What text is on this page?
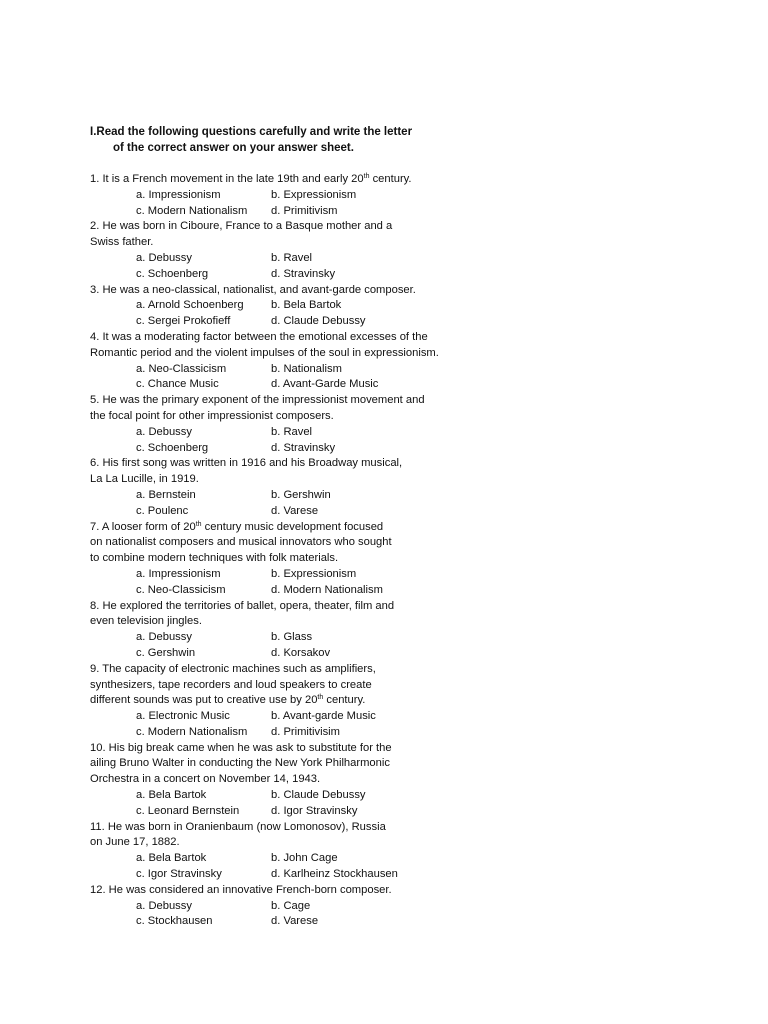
I.Read the following questions carefully and write the letter
of the correct answer on your answer sheet.
1. It is a French movement in the late 19th and early 20th century.
a. Impressionism	b. Expressionism
c. Modern Nationalism	d. Primitivism
2. He was born in Ciboure, France to a Basque mother and a
Swiss father.
a. Debussy	b. Ravel
c. Schoenberg	d. Stravinsky
3. He was a neo-classical, nationalist, and avant-garde composer.
a. Arnold Schoenberg	b. Bela Bartok
c. Sergei Prokofieff	d. Claude Debussy
4. It was a moderating factor between the emotional excesses of the
Romantic period and the violent impulses of the soul in expressionism.
a. Neo-Classicism	b. Nationalism
c. Chance Music	d. Avant-Garde Music
5. He was the primary exponent of the impressionist movement and
the focal point for other impressionist composers.
a. Debussy	b. Ravel
c. Schoenberg	d. Stravinsky
6. His first song was written in 1916 and his Broadway musical,
La La Lucille, in 1919.
a. Bernstein	b. Gershwin
c. Poulenc	d. Varese
7. A looser form of 20th century music development focused
on nationalist composers and musical innovators who sought
to combine modern techniques with folk materials.
a. Impressionism	b. Expressionism
c. Neo-Classicism	d. Modern Nationalism
8. He explored the territories of ballet, opera, theater, film and
even television jingles.
a. Debussy	b. Glass
c. Gershwin	d. Korsakov
9. The capacity of electronic machines such as amplifiers,
synthesizers, tape recorders and loud speakers to create
different sounds was put to creative use by 20th century.
a. Electronic Music	b. Avant-garde Music
c. Modern Nationalism	d. Primitivisim
10. His big break came when he was ask to substitute for the
ailing Bruno Walter in conducting the New York Philharmonic
Orchestra in a concert on November 14, 1943.
a. Bela Bartok	b. Claude Debussy
c. Leonard Bernstein	d. Igor Stravinsky
11. He was born in Oranienbaum (now Lomonosov), Russia
on June 17, 1882.
a. Bela Bartok	b. John Cage
c. Igor Stravinsky	d. Karlheinz Stockhausen
12. He was considered an innovative French-born composer.
a. Debussy	b. Cage
c. Stockhausen	d. Varese
